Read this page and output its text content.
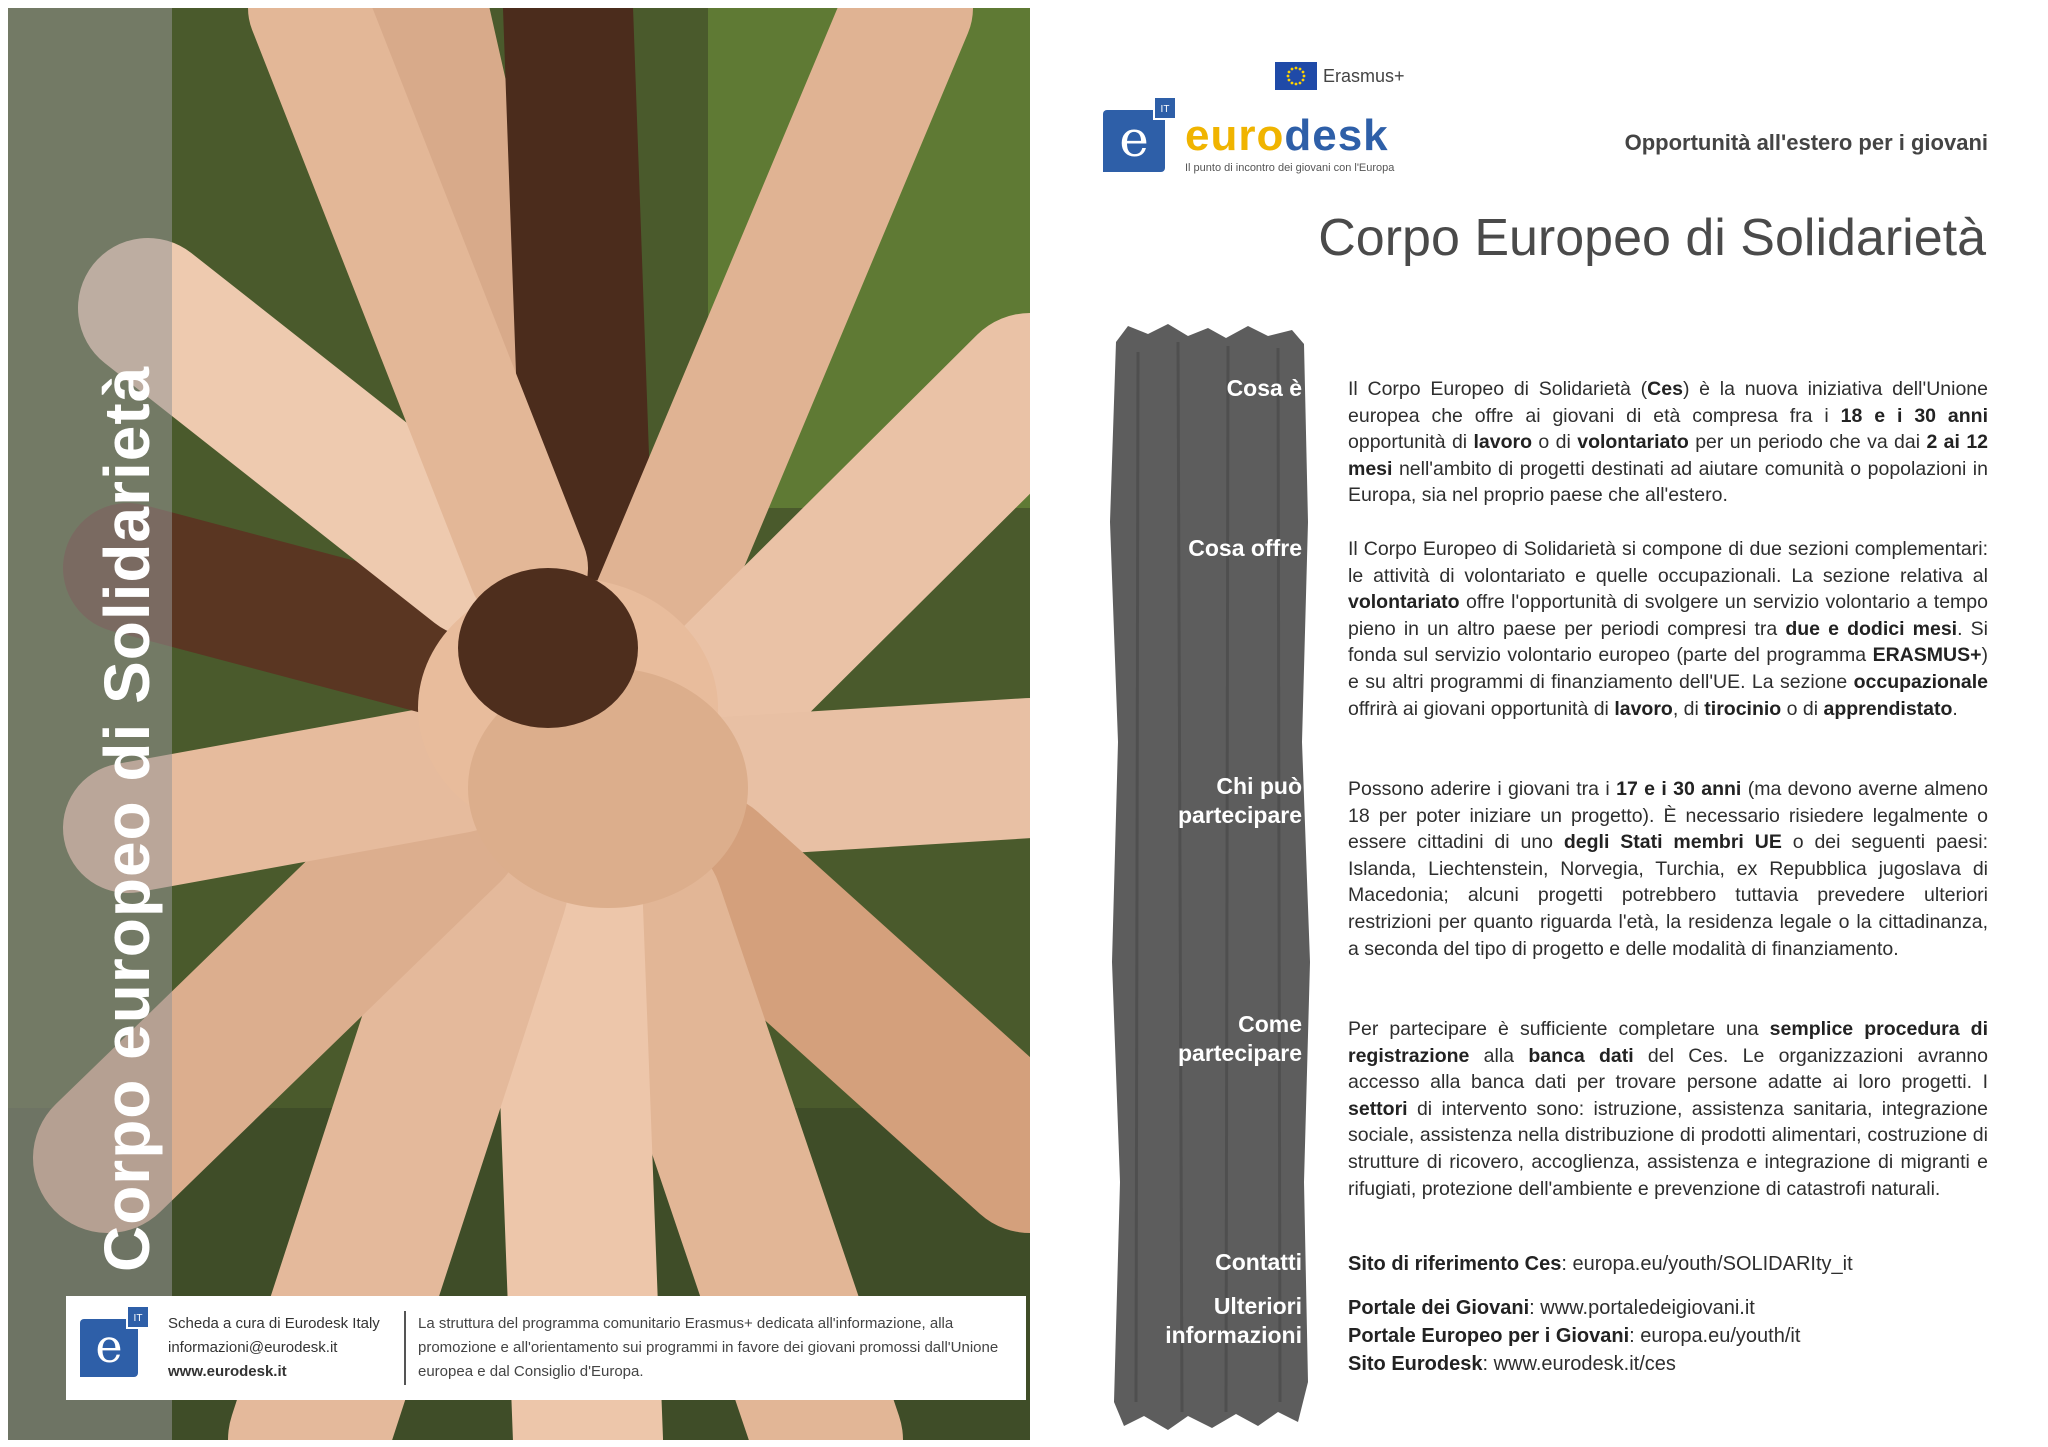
Corpo europeo di Solidarietà
e
IT	Scheda a cura di Eurodesk Italy
informazioni@eurodesk.it
www.eurodesk.it
La struttura del programma comunitario Erasmus+ dedicata all'informazione, alla promozione e all'orientamento sui programmi in favore dei giovani promossi dall'Unione europea e dal Consiglio d'Europa.
Erasmus+
e
IT
eurodesk
Il punto di incontro dei giovani con l'Europa
Opportunità all'estero per i giovani
Corpo Europeo di Solidarietà
Cosa è Il Corpo Europeo di Solidarietà (Ces) è la nuova iniziativa dell'Unione europea che offre ai giovani di età compresa fra i 18 e i 30 anni opportunità di lavoro o di volontariato per un periodo che va dai 2 ai 12 mesi nell'ambito di progetti destinati ad aiutare comunità o popolazioni in Europa, sia nel proprio paese che all'estero.
Cosa offre Il Corpo Europeo di Solidarietà si compone di due sezioni complementari: le attività di volontariato e quelle occupazionali. La sezione relativa al volontariato offre l'opportunità di svolgere un servizio volontario a tempo pieno in un altro paese per periodi compresi tra due e dodici mesi. Si fonda sul servizio volontario europeo (parte del programma ERASMUS+) e su altri programmi di finanziamento dell'UE. La sezione occupazionale offrirà ai giovani opportunità di lavoro, di tirocinio o di apprendistato.
Chi può
partecipare
Possono aderire i giovani tra i 17 e i 30 anni (ma devono averne almeno 18 per poter iniziare un progetto). È necessario risiedere legalmente o essere cittadini di uno degli Stati membri UE o dei seguenti paesi: Islanda, Liechtenstein, Norvegia, Turchia, ex Repubblica jugoslava di Macedonia; alcuni progetti potrebbero tuttavia prevedere ulteriori restrizioni per quanto riguarda l'età, la residenza legale o la cittadinanza, a seconda del tipo di progetto e delle modalità di finanziamento.
Come
partecipare
Per partecipare è sufficiente completare una semplice procedura di registrazione alla banca dati del Ces. Le organizzazioni avranno accesso alla banca dati per trovare persone adatte ai loro progetti. I settori di intervento sono: istruzione, assistenza sanitaria, integrazione sociale, assistenza nella distribuzione di prodotti alimentari, costruzione di strutture di ricovero, accoglienza, assistenza e integrazione di migranti e rifugiati, protezione dell'ambiente e prevenzione di catastrofi naturali.
Contatti Sito di riferimento Ces: europa.eu/youth/SOLIDARIty_it
Ulteriori
informazioni
Portale dei Giovani: www.portaledeigiovani.it
Portale Europeo per i Giovani: europa.eu/youth/it
Sito Eurodesk: www.eurodesk.it/ces
